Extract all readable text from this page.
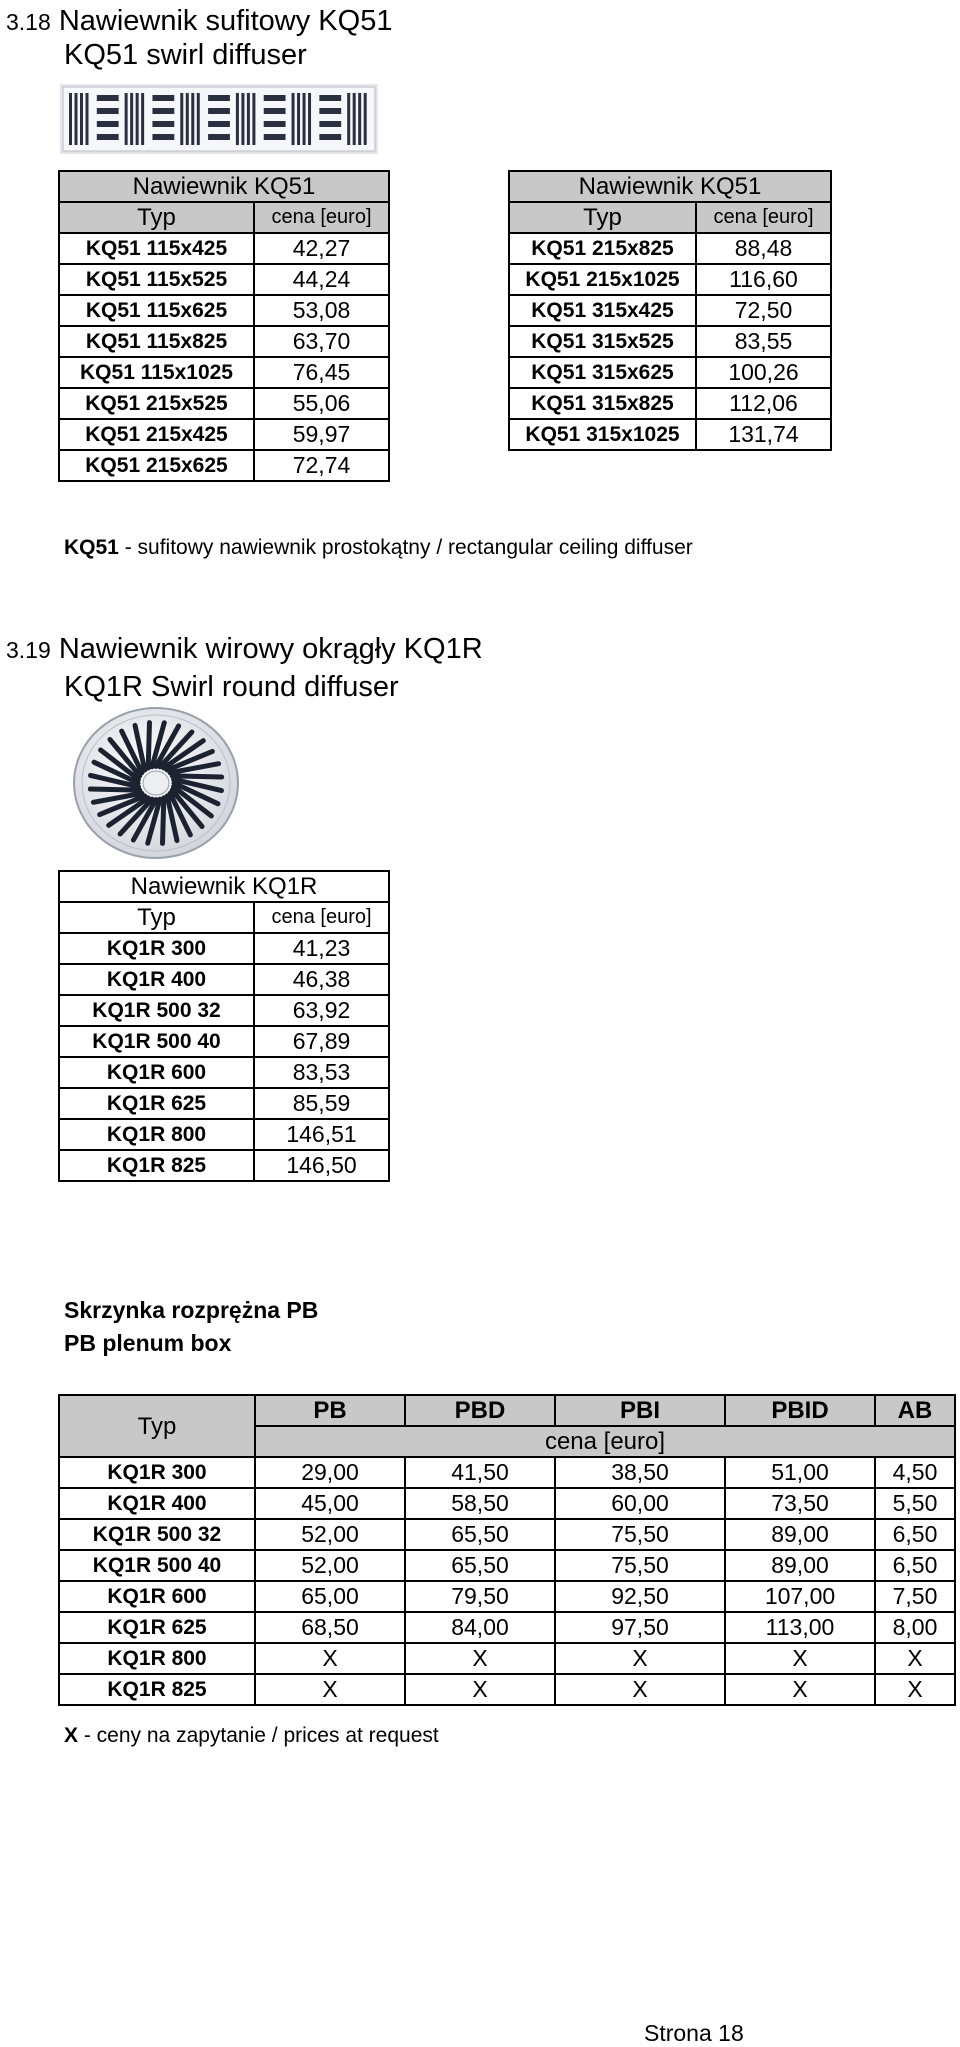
3.18 Nawiewnik sufitowy KQ51
KQ51 swirl diffuser
Nawiewnik KQ51	
Typ	cena [euro]
KQ51 115x425	42,27
KQ51 115x525	44,24
KQ51 115x625	53,08
KQ51 115x825	63,70
KQ51 115x1025	76,45
KQ51 215x525	55,06
KQ51 215x425	59,97
KQ51 215x625	72,74
Nawiewnik KQ51	
Typ	cena [euro]
KQ51 215x825	88,48
KQ51 215x1025	116,60
KQ51 315x425	72,50
KQ51 315x525	83,55
KQ51 315x625	100,26
KQ51 315x825	112,06
KQ51 315x1025	131,74
KQ51 - sufitowy nawiewnik prostokątny / rectangular ceiling diffuser
3.19 Nawiewnik wirowy okrągły KQ1R
KQ1R Swirl round diffuser
Nawiewnik KQ1R	
Typ	cena [euro]
KQ1R 300	41,23
KQ1R 400	46,38
KQ1R 500 32	63,92
KQ1R 500 40	67,89
KQ1R 600	83,53
KQ1R 625	85,59
KQ1R 800	146,51
KQ1R 825	146,50
Skrzynka rozprężna PB
PB plenum box
Typ	PB	PBD	PBI	PBID	AB
	cena [euro]				
KQ1R 300	29,00	41,50	38,50	51,00	4,50
KQ1R 400	45,00	58,50	60,00	73,50	5,50
KQ1R 500 32	52,00	65,50	75,50	89,00	6,50
KQ1R 500 40	52,00	65,50	75,50	89,00	6,50
KQ1R 600	65,00	79,50	92,50	107,00	7,50
KQ1R 625	68,50	84,00	97,50	113,00	8,00
KQ1R 800	X	X	X	X	X
KQ1R 825	X	X	X	X	X
X - ceny na zapytanie / prices at request
Strona 18
